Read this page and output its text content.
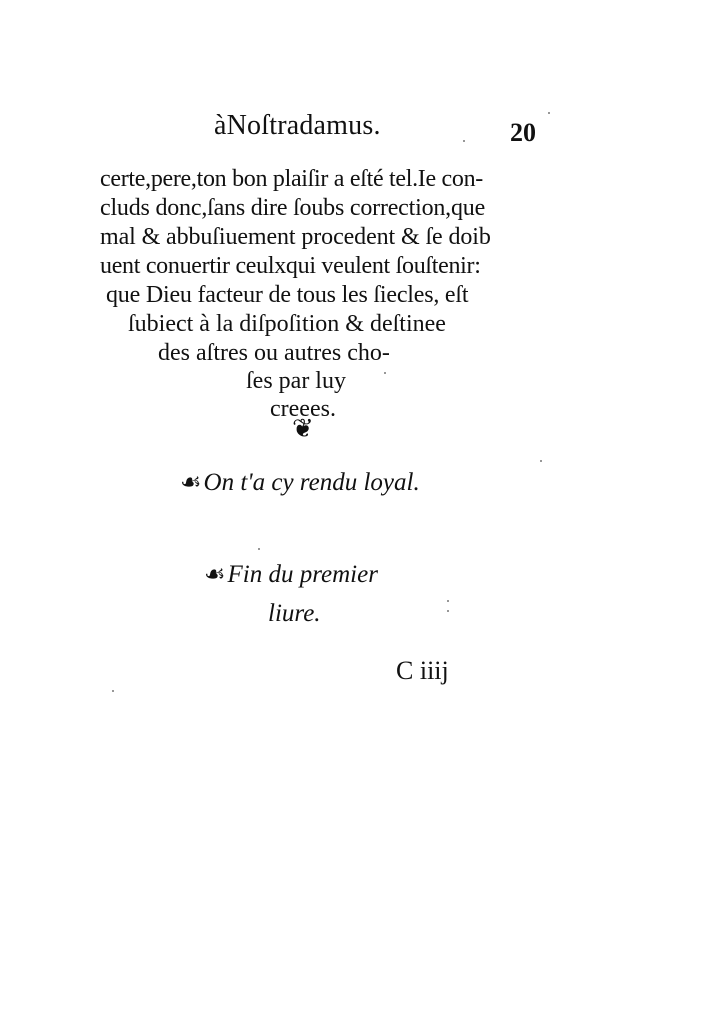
àNoſtradamus.	20
certe,pere,ton bon plaiſir a eſté tel.Ie con-
cluds donc,ſans dire ſoubs correction,que
mal & abbuſiuement procedent & ſe doib
uent conuertir ceulxqui veulent ſouſtenir:
que Dieu facteur de tous les ſiecles, eſt
ſubiect à la diſpoſition & deſtinee
des aſtres ou autres cho-
ſes par luy
creees.
❦
☙On t'a cy rendu loyal.
☙Fin du premier
liure.
C iiij
